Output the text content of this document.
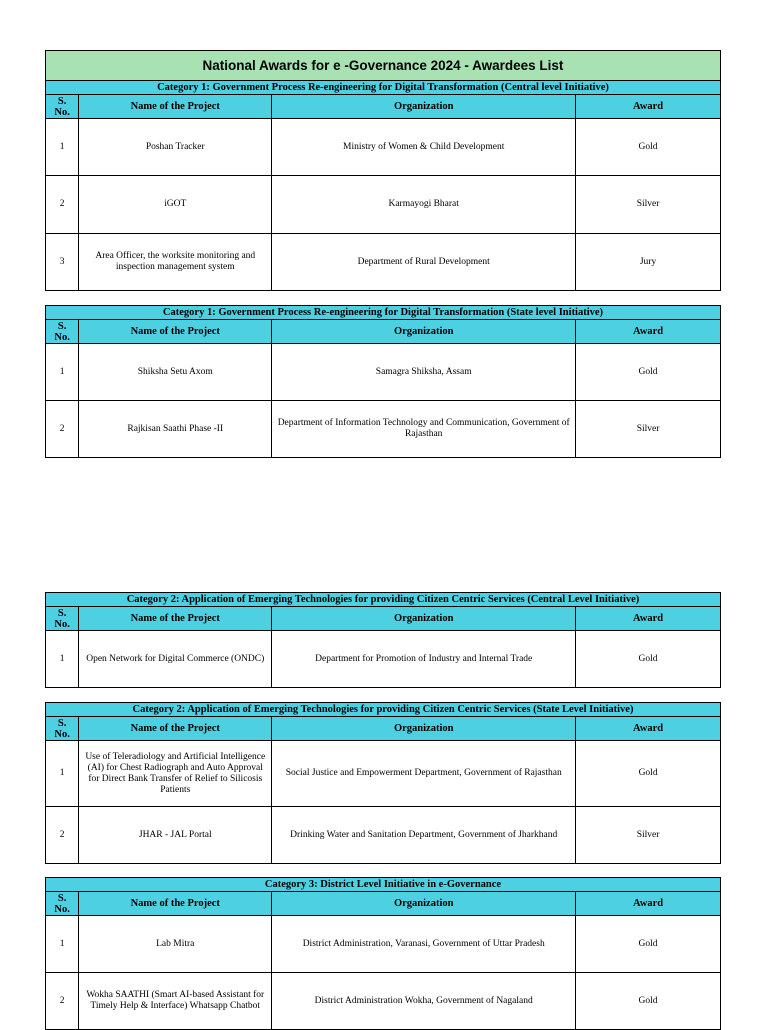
National Awards for e -Governance 2024 - Awardees List			
Category 1: Government Process Re-engineering for Digital Transformation (Central level Initiative)			
S. No.	Name of the Project	Organization	Award
1	Poshan Tracker	Ministry of Women & Child Development	Gold
2	iGOT	Karmayogi Bharat	Silver
3	Area Officer, the worksite monitoring and inspection management system	Department of Rural Development	Jury
Category 1: Government Process Re-engineering for Digital Transformation (State level Initiative)			
S. No.	Name of the Project	Organization	Award
1	Shiksha Setu Axom	Samagra Shiksha, Assam	Gold
2	Rajkisan Saathi Phase -II	Department of Information Technology and Communication, Government of Rajasthan	Silver
Category 2: Application of Emerging Technologies for providing Citizen Centric Services (Central Level Initiative)			
S. No.	Name of the Project	Organization	Award
1	Open Network for Digital Commerce (ONDC)	Department for Promotion of Industry and Internal Trade	Gold
Category 2: Application of Emerging Technologies for providing Citizen Centric Services (State Level Initiative)			
S. No.	Name of the Project	Organization	Award
1	Use of Teleradiology and Artificial Intelligence (AI) for Chest Radiograph and Auto Approval for Direct Bank Transfer of Relief to Silicosis Patients	Social Justice and Empowerment Department, Government of Rajasthan	Gold
2	JHAR - JAL Portal	Drinking Water and Sanitation Department, Government of Jharkhand	Silver
Category 3: District Level Initiative in e-Governance			
S. No.	Name of the Project	Organization	Award
1	Lab Mitra	District Administration, Varanasi, Government of Uttar Pradesh	Gold
2	Wokha SAATHI (Smart AI-based Assistant for Timely Help & Interface) Whatsapp Chatbot	District Administration Wokha, Government of Nagaland	Gold
